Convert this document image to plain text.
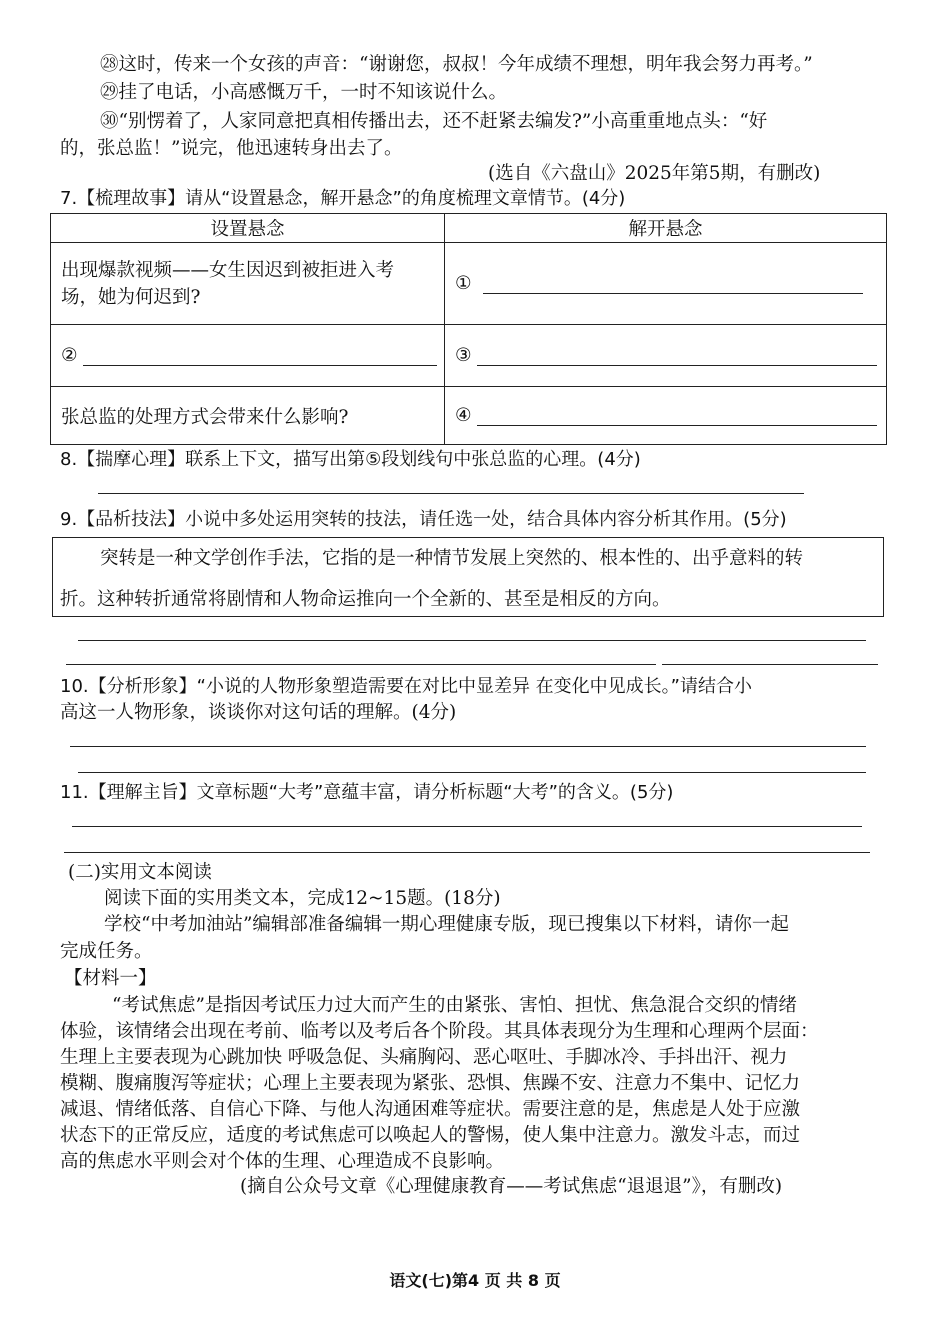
㉘这时，传来一个女孩的声音：“谢谢您，叔叔！今年成绩不理想，明年我会努力再考。”
㉙挂了电话，小高感慨万千，一时不知该说什么。
㉚“别愣着了，人家同意把真相传播出去，还不赶紧去编发?”小高重重地点头：“好
的，张总监！”说完，他迅速转身出去了。
(选自《六盘山》2025年第5期，有删改)
7.【梳理故事】请从“设置悬念，解开悬念”的角度梳理文章情节。(4分)
设置悬念	解开悬念

出现爆款视频——女生因迟到被拒进入考
场，她为何迟到?	①
②	③
张总监的处理方式会带来什么影响?	④
8.【揣摩心理】联系上下文，描写出第⑤段划线句中张总监的心理。(4分)
9.【品析技法】小说中多处运用突转的技法，请任选一处，结合具体内容分析其作用。(5分)
突转是一种文学创作手法，它指的是一种情节发展上突然的、根本性的、出乎意料的转
折。这种转折通常将剧情和人物命运推向一个全新的、甚至是相反的方向。
10.【分析形象】“小说的人物形象塑造需要在对比中显差异 在变化中见成长。”请结合小
高这一人物形象，谈谈你对这句话的理解。(4分)
11.【理解主旨】文章标题“大考”意蕴丰富，请分析标题“大考”的含义。(5分)
(二)实用文本阅读
阅读下面的实用类文本，完成12~15题。(18分)
学校“中考加油站”编辑部准备编辑一期心理健康专版，现已搜集以下材料，请你一起
完成任务。
【材料一】
“考试焦虑”是指因考试压力过大而产生的由紧张、害怕、担忧、焦急混合交织的情绪
体验，该情绪会出现在考前、临考以及考后各个阶段。其具体表现分为生理和心理两个层面：
生理上主要表现为心跳加快 呼吸急促、头痛胸闷、恶心呕吐、手脚冰冷、手抖出汗、视力
模糊、腹痛腹泻等症状；心理上主要表现为紧张、恐惧、焦躁不安、注意力不集中、记忆力
减退、情绪低落、自信心下降、与他人沟通困难等症状。需要注意的是，焦虑是人处于应激
状态下的正常反应，适度的考试焦虑可以唤起人的警惕，使人集中注意力。激发斗志，而过
高的焦虑水平则会对个体的生理、心理造成不良影响。
(摘自公众号文章《心理健康教育——考试焦虑“退退退”》，有删改)
语文(七)第4 页 共 8 页
